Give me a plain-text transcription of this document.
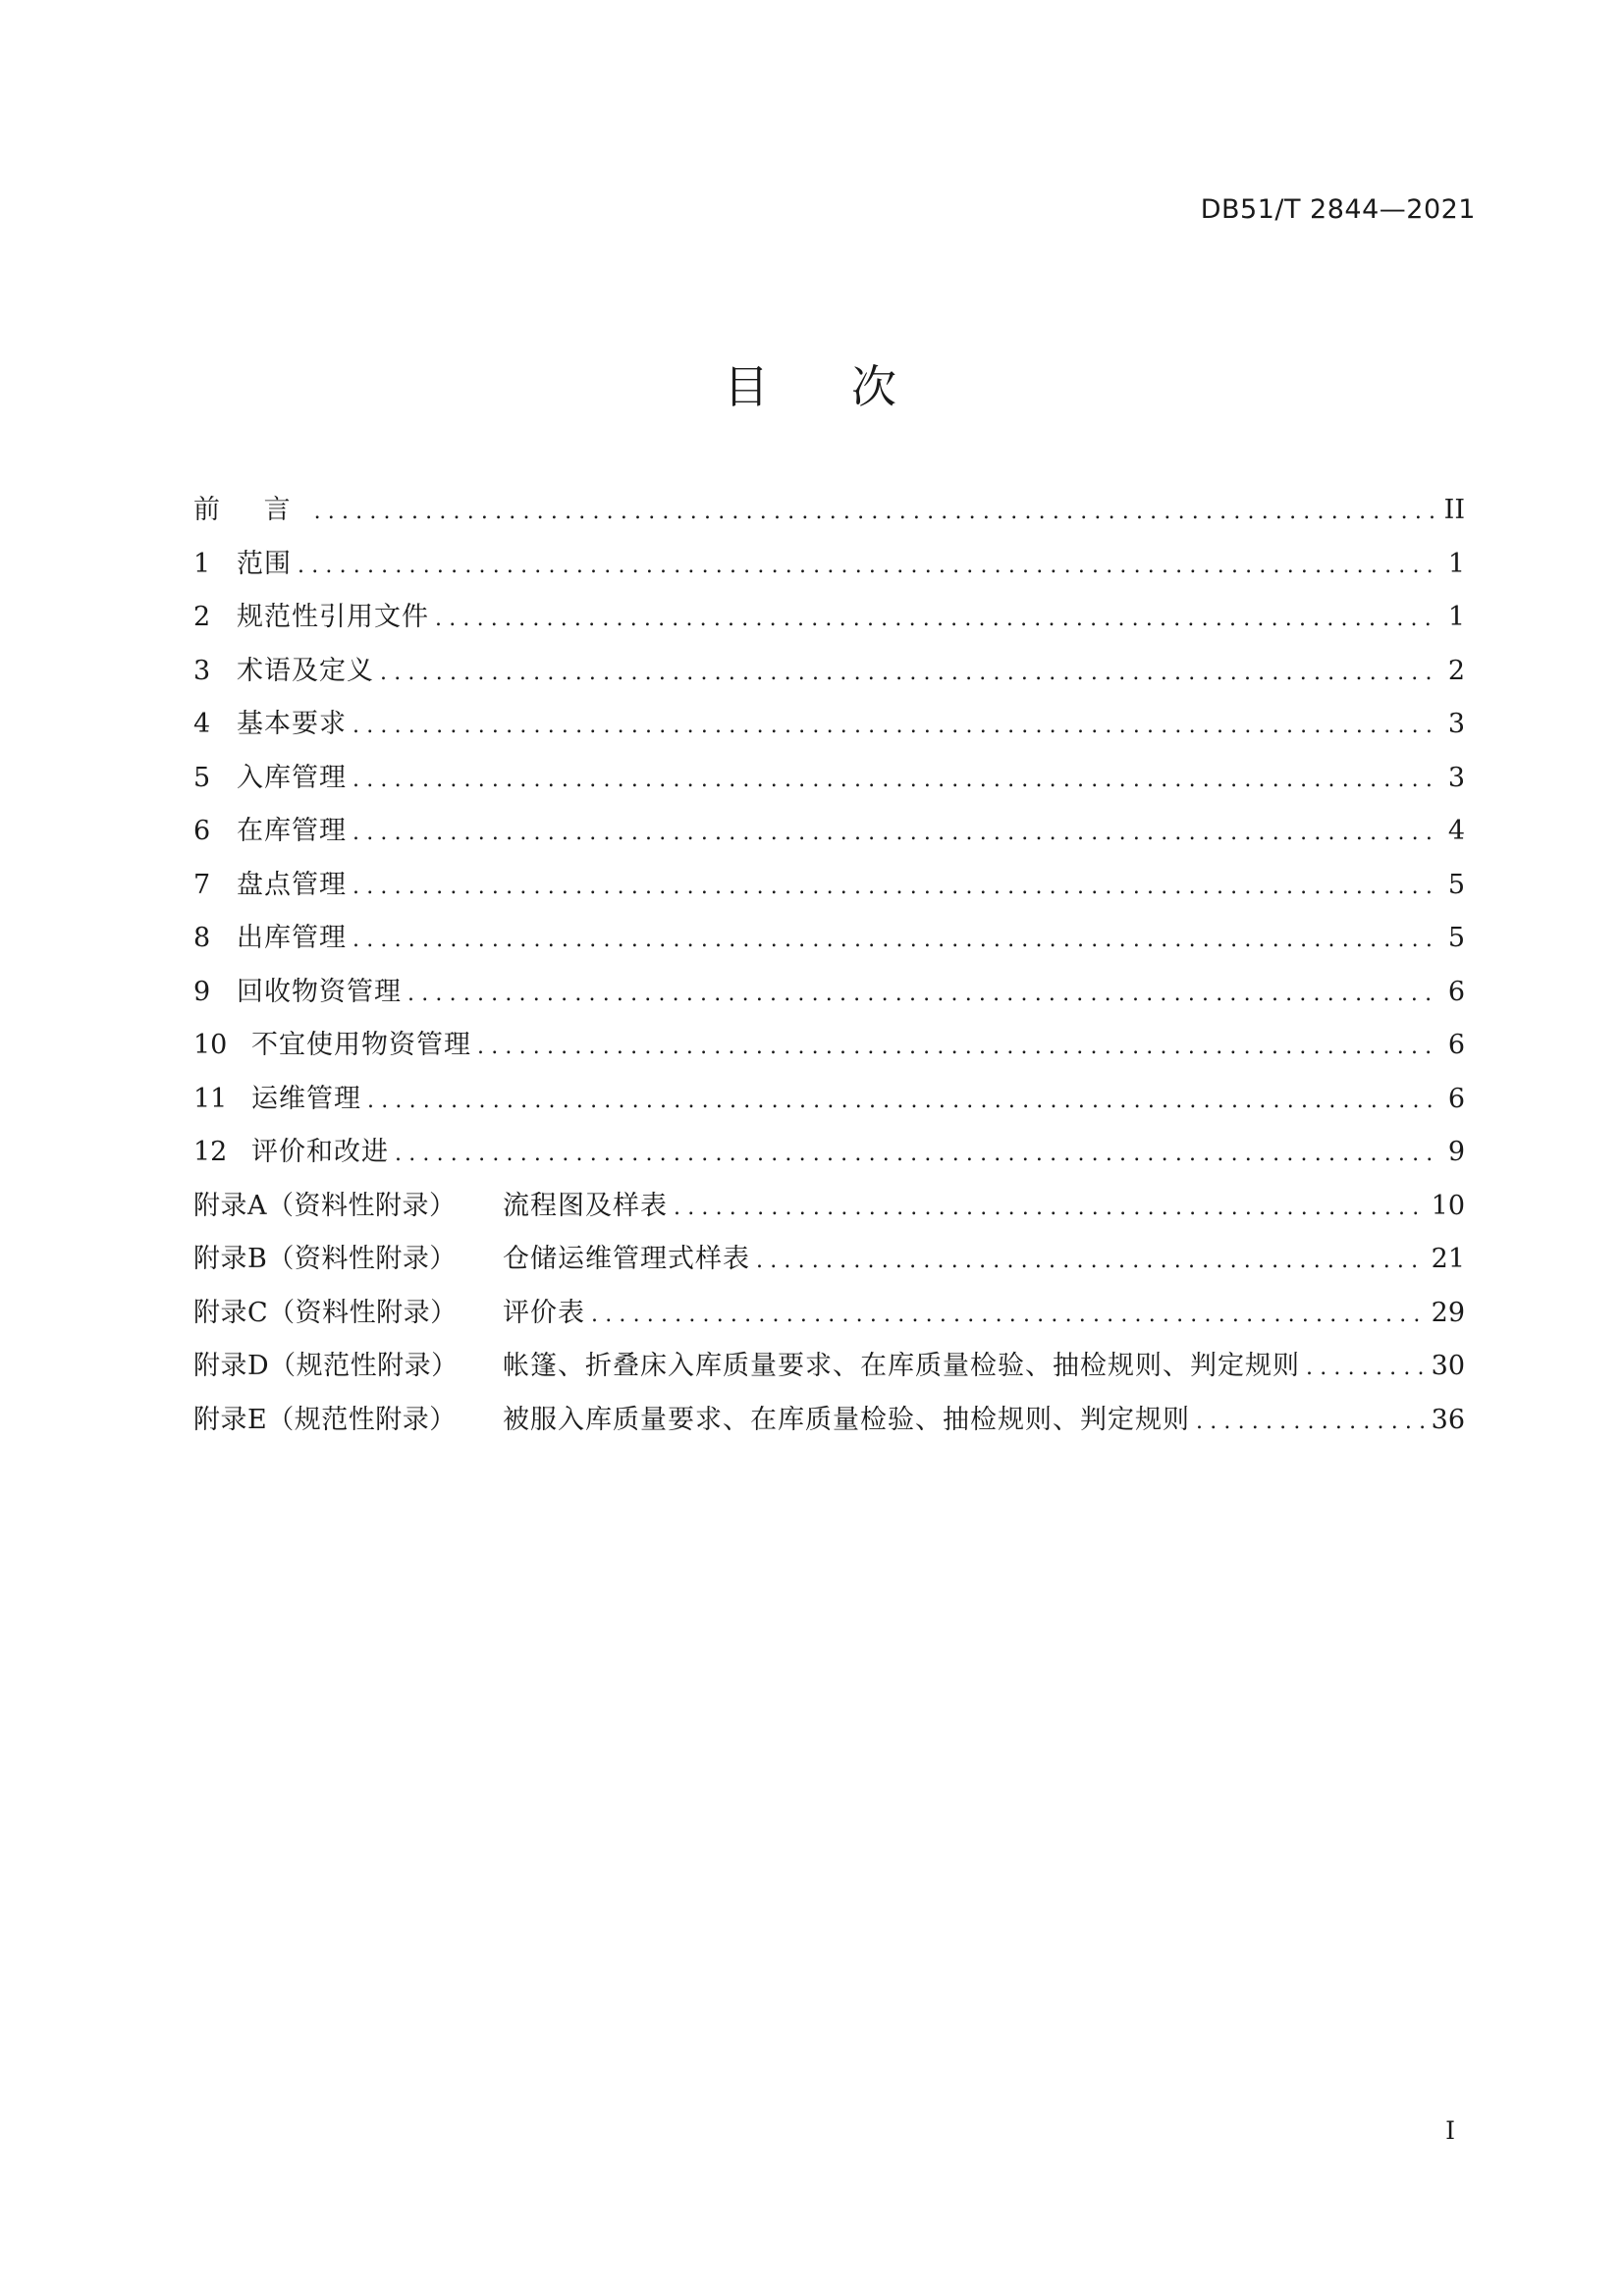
DB51/T 2844—2021
目 次
前 言 .....	II
1 范围 .....	1
2 规范性引用文件 .....	1
3 术语及定义 .....	2
4 基本要求 .....	3
5 入库管理 .....	3
6 在库管理 .....	4
7 盘点管理 .....	5
8 出库管理 .....	5
9 回收物资管理 .....	6
10 不宜使用物资管理 .....	6
11 运维管理 .....	6
12 评价和改进 .....	9
附录A（资料性附录）	流程图及样表 .....	10
附录B（资料性附录）	仓储运维管理式样表 .....	21
附录C（资料性附录）	评价表 .....	29
附录D（规范性附录）	帐篷、折叠床入库质量要求、在库质量检验、抽检规则、判定规则 .....	30
附录E（规范性附录）	被服入库质量要求、在库质量检验、抽检规则、判定规则 .....	36
I
